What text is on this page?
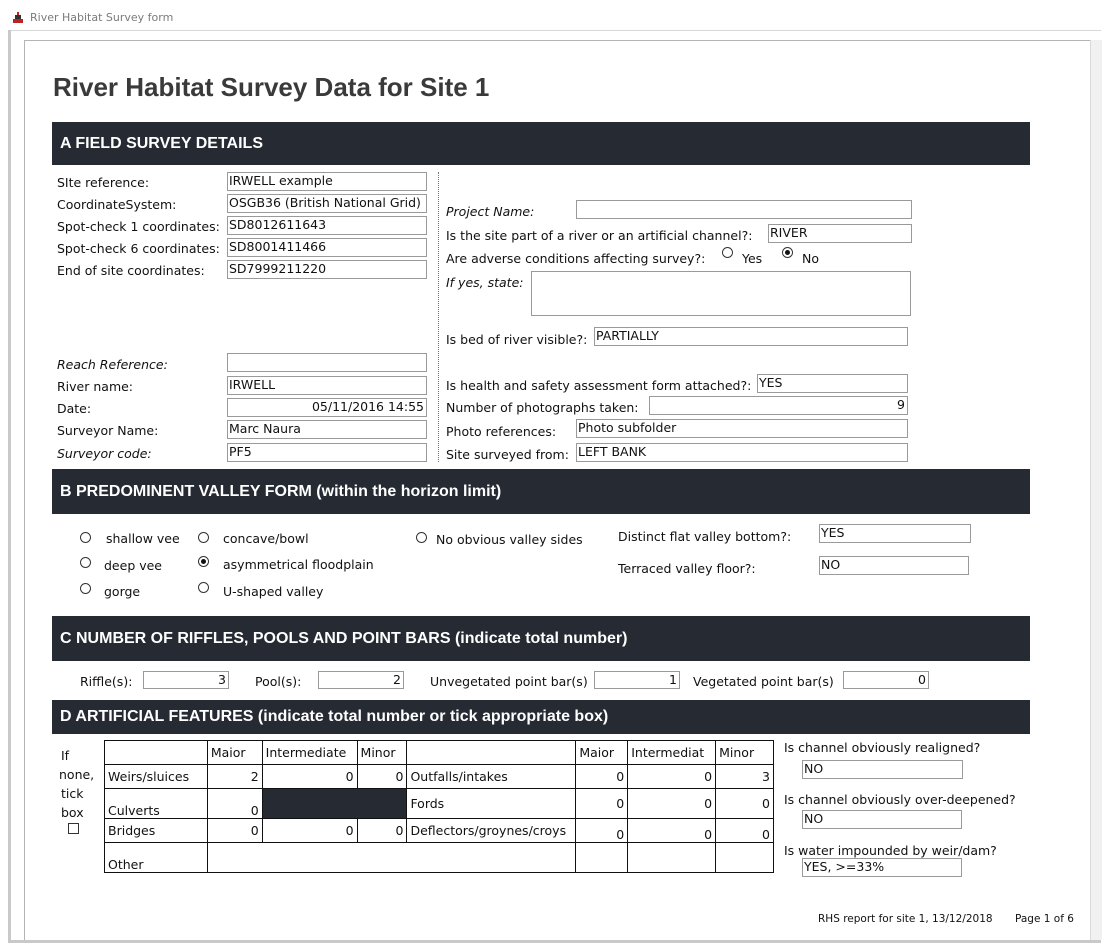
River Habitat Survey form
River Habitat Survey Data for Site 1
A FIELD SURVEY DETAILS
SIte reference:	IRWELL example
CoordinateSystem:	OSGB36 (British National Grid)
Spot-check 1 coordinates: SD8012611643
Spot-check 6 coordinates: SD8001411466
End of site coordinates: SD7999211220
Reach Reference:
River name:	IRWELL
Date:	05/11/2016 14:55
Surveyor Name:	Marc Naura
Surveyor code:	PF5
Project Name:
Is the site part of a river or an artificial channel?: RIVER
Are adverse conditions affecting survey?:	Yes	No
If yes, state:
Is bed of river visible?: PARTIALLY
Is health and safety assessment form attached?: YES
Number of photographs taken:	9
Photo references: Photo subfolder
Site surveyed from: LEFT BANK
B PREDOMINENT VALLEY FORM (within the horizon limit)
shallow vee
deep vee
gorge
concave/bowl
asymmetrical floodplain
U-shaped valley
No obvious valley sides	Distinct flat valley bottom?: YES
Terraced valley floor?:	NO
C NUMBER OF RIFFLES, POOLS AND POINT BARS (indicate total number)
Riffle(s):	3 Pool(s):	2 Unvegetated point bar(s)	1 Vegetated point bar(s)	0
D ARTIFICIAL FEATURES (indicate total number or tick appropriate box)
If
none,
tick
box
	Maior	Intermediate	Minor		Maior	Intermediat	Minor
Weirs/sluices	2	0	0	Outfalls/intakes	0	0	3
Culverts	0			Fords	0	0	0
Bridges	0	0	0	Deflectors/groynes/croys	0	0	0
Other							
Is channel obviously realigned?
NO
Is channel obviously over-deepened?
NO
Is water impounded by weir/dam?
YES, >=33%
RHS report for site 1, 13/12/2018 Page 1 of 6
